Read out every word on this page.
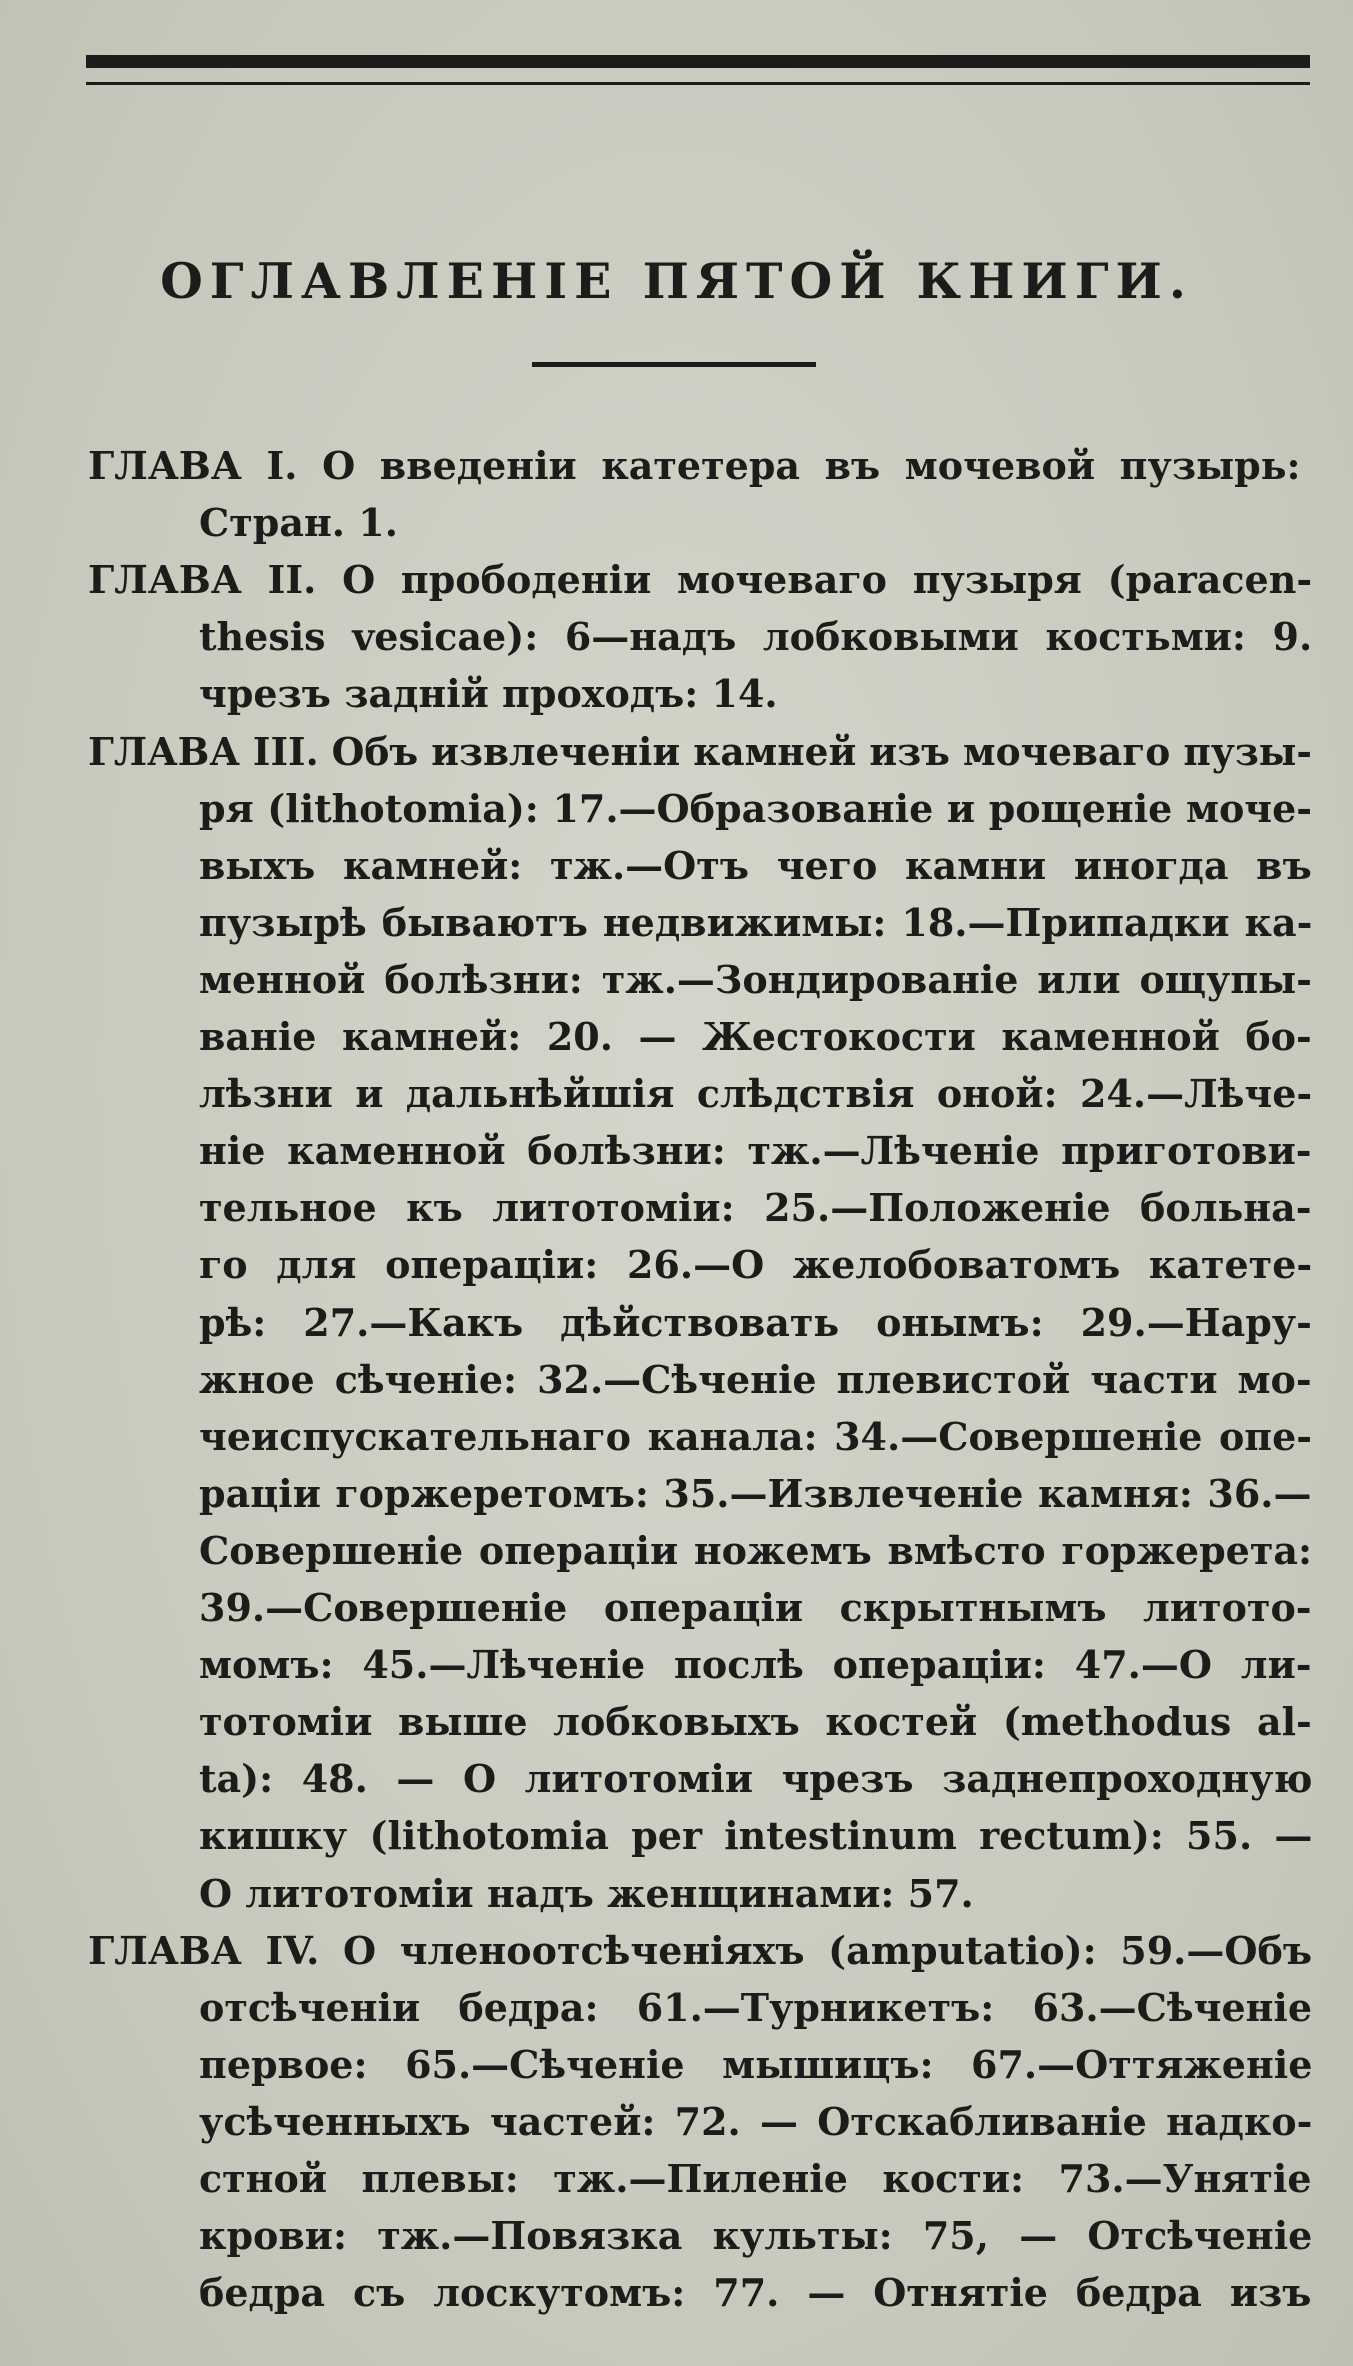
ОГЛАВЛЕНІЕ ПЯТОЙ КНИГИ.
ГЛАВА I. О введеніи катетера въ мочевой пузырь:
Стран. 1.
ГЛАВА II. О прободеніи мочеваго пузыря (paracen-
thesis vesicae): 6—надъ лобковыми костьми: 9.
чрезъ задній проходъ: 14.
ГЛАВА III. Объ извлеченіи камней изъ мочеваго пузы-
ря (lithotomia): 17.—Образованіе и рощеніе моче-
выхъ камней: тж.—Отъ чего камни иногда въ
пузырѣ бываютъ недвижимы: 18.—Припадки ка-
менной болѣзни: тж.—Зондированіе или ощупы-
ваніе камней: 20. — Жестокости каменной бо-
лѣзни и дальнѣйшія слѣдствія оной: 24.—Лѣче-
ніе каменной болѣзни: тж.—Лѣченіе приготови-
тельное къ литотоміи: 25.—Положеніе больна-
го для операціи: 26.—О желобоватомъ катете-
рѣ: 27.—Какъ дѣйствовать онымъ: 29.—Нару-
жное сѣченіе: 32.—Сѣченіе плевистой части мо-
чеиспускательнаго канала: 34.—Совершеніе опе-
раціи горжеретомъ: 35.—Извлеченіе камня: 36.—
Совершеніе операціи ножемъ вмѣсто горжерета:
39.—Совершеніе операціи скрытнымъ литото-
момъ: 45.—Лѣченіе послѣ операціи: 47.—О ли-
тотоміи выше лобковыхъ костей (methodus al-
ta): 48. — О литотоміи чрезъ заднепроходную
кишку (lithotomia per intestinum rectum): 55. —
О литотоміи надъ женщинами: 57.
ГЛАВА IV. О членоотсѣченіяхъ (amputatio): 59.—Объ
отсѣченіи бедра: 61.—Турникетъ: 63.—Сѣченіе
первое: 65.—Сѣченіе мышицъ: 67.—Оттяженіе
усѣченныхъ частей: 72. — Отскабливаніе надко-
стной плевы: тж.—Пиленіе кости: 73.—Унятіе
крови: тж.—Повязка культы: 75, — Отсѣченіе
бедра съ лоскутомъ: 77. — Отнятіе бедра изъ
